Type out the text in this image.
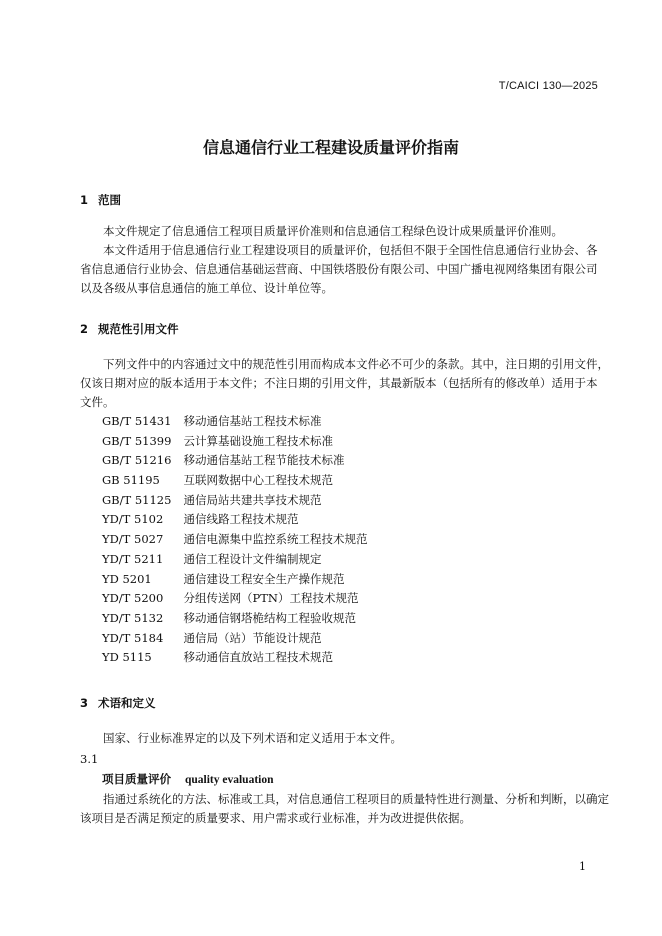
T/CAICI 130—2025
信息通信行业工程建设质量评价指南
1 范围
本文件规定了信息通信工程项目质量评价准则和信息通信工程绿色设计成果质量评价准则。
本文件适用于信息通信行业工程建设项目的质量评价，包括但不限于全国性信息通信行业协会、各
省信息通信行业协会、信息通信基础运营商、中国铁塔股份有限公司、中国广播电视网络集团有限公司
以及各级从事信息通信的施工单位、设计单位等。
2 规范性引用文件
下列文件中的内容通过文中的规范性引用而构成本文件必不可少的条款。其中，注日期的引用文件，
仅该日期对应的版本适用于本文件；不注日期的引用文件，其最新版本（包括所有的修改单）适用于本
文件。
GB/T 51431　 移动通信基站工程技术标准
GB/T 51399　 云计算基础设施工程技术标准
GB/T 51216　 移动通信基站工程节能技术标准
GB 51195　 互联网数据中心工程技术规范
GB/T 51125　 通信局站共建共享技术规范
YD/T 5102　 通信线路工程技术规范
YD/T 5027　 通信电源集中监控系统工程技术规范
YD/T 5211　 通信工程设计文件编制规定
YD 5201　	通信建设工程安全生产操作规范
YD/T 5200　 分组传送网（PTN）工程技术规范
YD/T 5132　 移动通信钢塔桅结构工程验收规范
YD/T 5184　 通信局（站）节能设计规范
YD 5115　	移动通信直放站工程技术规范
3 术语和定义
国家、行业标准界定的以及下列术语和定义适用于本文件。
3.1
项目质量评价 quality evaluation
指通过系统化的方法、标准或工具，对信息通信工程项目的质量特性进行测量、分析和判断，以确定
该项目是否满足预定的质量要求、用户需求或行业标准，并为改进提供依据。
1
